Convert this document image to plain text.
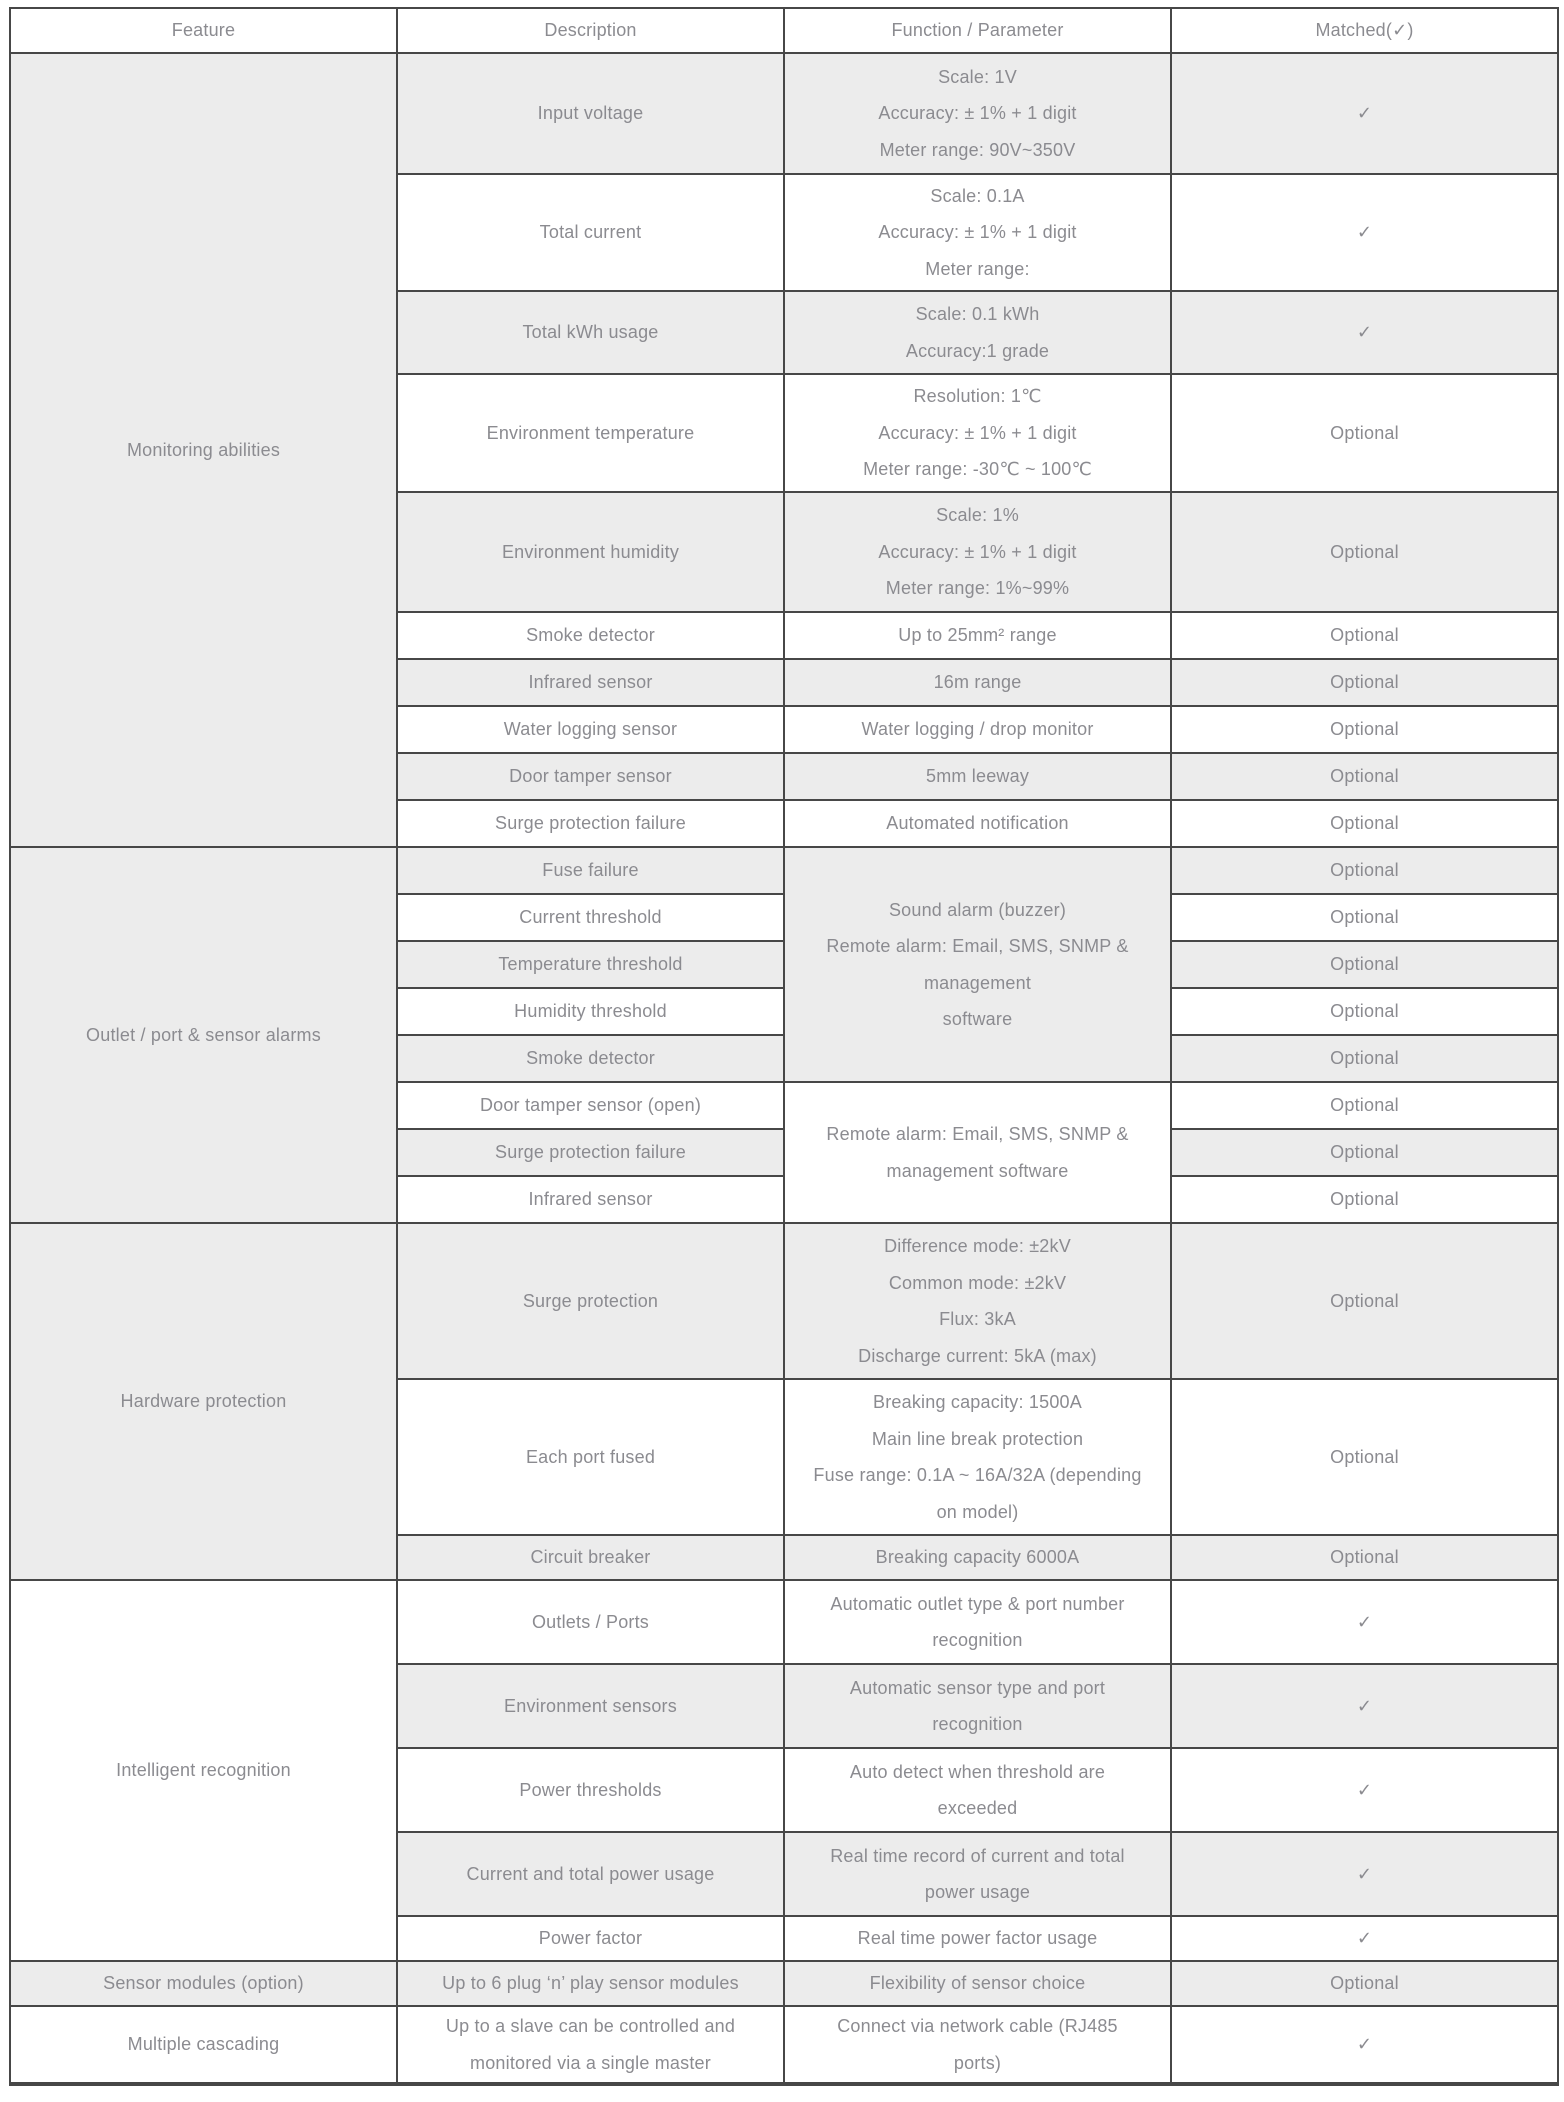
Feature	Description	Function / Parameter	Matched(✓)

Monitoring abilities	Input voltage	Scale: 1V
Accuracy: ± 1% + 1 digit
Meter range: 90V~350V	✓

	Total current	Scale: 0.1A
Accuracy: ± 1% + 1 digit
Meter range:	✓

	Total kWh usage	Scale: 0.1 kWh
Accuracy:1 grade	✓

	Environment temperature	Resolution: 1℃
Accuracy: ± 1% + 1 digit
Meter range: -30℃ ~ 100℃	Optional

	Environment humidity	Scale: 1%
Accuracy: ± 1% + 1 digit
Meter range: 1%~99%	Optional

	Smoke detector	Up to 25mm² range	Optional

	Infrared sensor	16m range	Optional

	Water logging sensor	Water logging / drop monitor	Optional

	Door tamper sensor	5mm leeway	Optional

	Surge protection failure	Automated notification	Optional

Outlet / port & sensor alarms	Fuse failure	Sound alarm (buzzer)
Remote alarm: Email, SMS, SNMP &
management
software	Optional

	Current threshold		Optional

	Temperature threshold		Optional

	Humidity threshold		Optional

	Smoke detector		Optional

	Door tamper sensor (open)	Remote alarm: Email, SMS, SNMP &
management software	Optional

	Surge protection failure		Optional

	Infrared sensor		Optional

Hardware protection	Surge protection	Difference mode: ±2kV
Common mode: ±2kV
Flux: 3kA
Discharge current: 5kA (max)	Optional

	Each port fused	Breaking capacity: 1500A
Main line break protection
Fuse range: 0.1A ~ 16A/32A (depending
on model)	Optional

	Circuit breaker	Breaking capacity 6000A	Optional

Intelligent recognition	Outlets / Ports	Automatic outlet type & port number
recognition	✓

	Environment sensors	Automatic sensor type and port
recognition	✓

	Power thresholds	Auto detect when threshold are
exceeded	✓

	Current and total power usage	Real time record of current and total
power usage	✓

	Power factor	Real time power factor usage	✓

Sensor modules (option)	Up to 6 plug ‘n’ play sensor modules	Flexibility of sensor choice	Optional

Multiple cascading	Up to a slave can be controlled and
monitored via a single master	Connect via network cable (RJ485
ports)	✓
